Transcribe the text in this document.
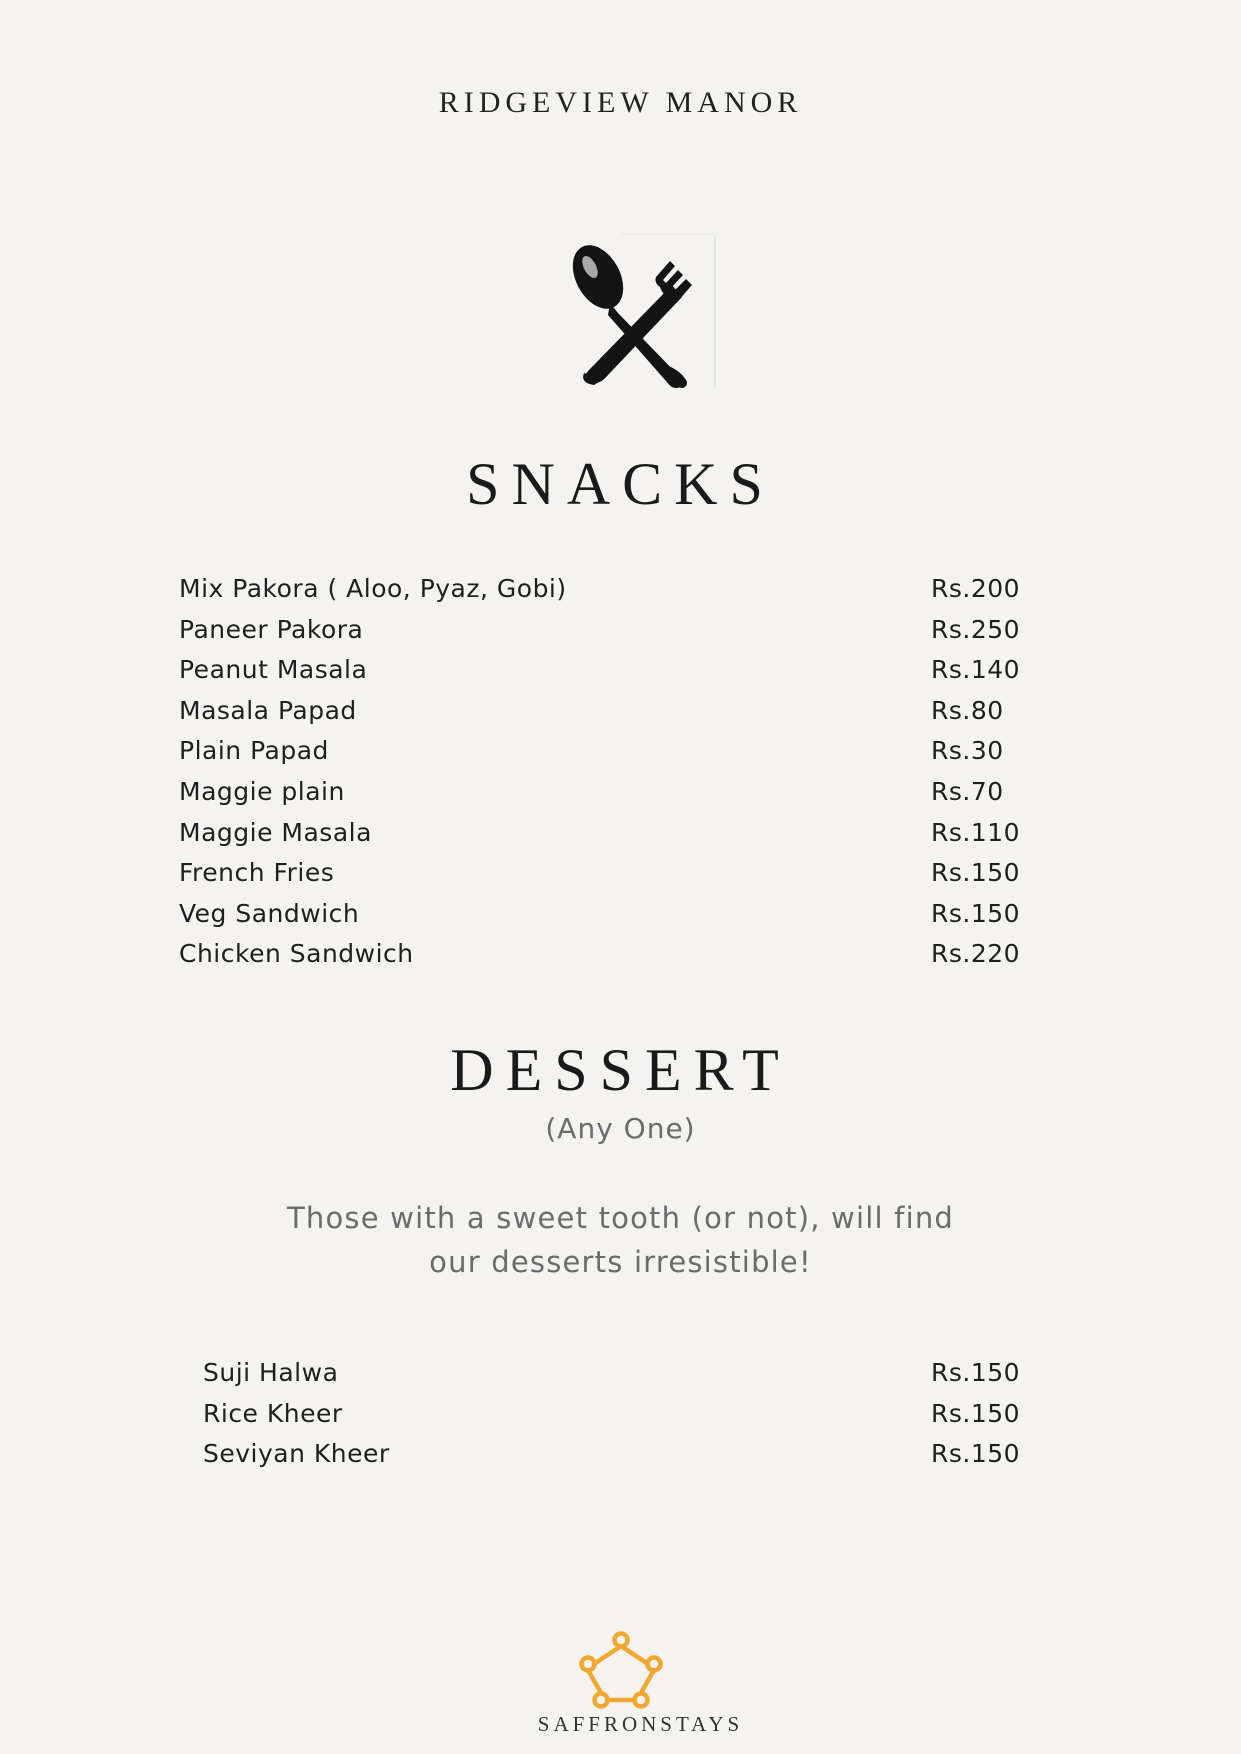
RIDGEVIEW MANOR
SNACKS
Mix Pakora ( Aloo, Pyaz, Gobi)	Rs.200
Paneer Pakora	Rs.250
Peanut Masala	Rs.140
Masala Papad	Rs.80
Plain Papad	Rs.30
Maggie plain	Rs.70
Maggie Masala	Rs.110
French Fries	Rs.150
Veg Sandwich	Rs.150
Chicken Sandwich	Rs.220
DESSERT
(Any One)
Those with a sweet tooth (or not), will find
our desserts irresistible!
Suji Halwa	Rs.150
Rice Kheer	Rs.150
Seviyan Kheer	Rs.150
SAFFRONSTAYS
